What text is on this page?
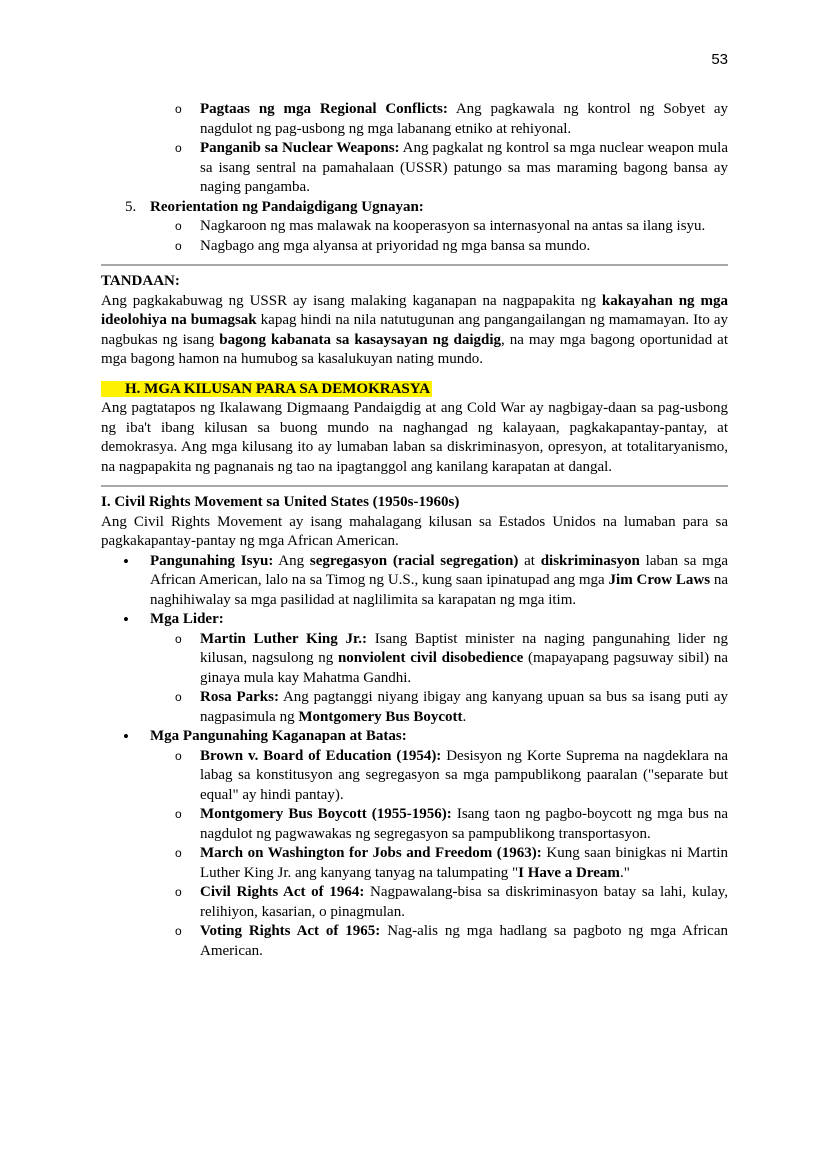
53
o Pagtaas ng mga Regional Conflicts: Ang pagkawala ng kontrol ng Sobyet ay nagdulot ng pag-usbong ng mga labanang etniko at rehiyonal.
o Panganib sa Nuclear Weapons: Ang pagkalat ng kontrol sa mga nuclear weapon mula sa isang sentral na pamahalaan (USSR) patungo sa mas maraming bagong bansa ay naging pangamba.
5. Reorientation ng Pandaigdigang Ugnayan:
o Nagkaroon ng mas malawak na kooperasyon sa internasyonal na antas sa ilang isyu.
o Nagbago ang mga alyansa at priyoridad ng mga bansa sa mundo.
TANDAAN:

Ang pagkakabuwag ng USSR ay isang malaking kaganapan na nagpapakita ng kakayahan ng mga ideolohiya na bumagsak kapag hindi na nila natutugunan ang pangangailangan ng mamamayan. Ito ay nagbukas ng isang bagong kabanata sa kasaysayan ng daigdig, na may mga bagong oportunidad at mga bagong hamon na humubog sa kasalukuyan nating mundo.

H. MGA KILUSAN PARA SA DEMOKRASYA

Ang pagtatapos ng Ikalawang Digmaang Pandaigdig at ang Cold War ay nagbigay-daan sa pag-usbong ng iba't ibang kilusan sa buong mundo na naghangad ng kalayaan, pagkakapantay-pantay, at demokrasya. Ang mga kilusang ito ay lumaban laban sa diskriminasyon, opresyon, at totalitaryanismo, na nagpapakita ng pagnanais ng tao na ipagtanggol ang kanilang karapatan at dangal.

I. Civil Rights Movement sa United States (1950s-1960s)

Ang Civil Rights Movement ay isang mahalagang kilusan sa Estados Unidos na lumaban para sa pagkakapantay-pantay ng mga African American.

• Pangunahing Isyu: Ang segregasyon (racial segregation) at diskriminasyon laban sa mga African American, lalo na sa Timog ng U.S., kung saan ipinatupad ang mga Jim Crow Laws na naghihiwalay sa mga pasilidad at naglilimita sa karapatan ng mga itim.
• Mga Lider:
o Martin Luther King Jr.: Isang Baptist minister na naging pangunahing lider ng kilusan, nagsulong ng nonviolent civil disobedience (mapayapang pagsuway sibil) na ginaya mula kay Mahatma Gandhi.
o Rosa Parks: Ang pagtanggi niyang ibigay ang kanyang upuan sa bus sa isang puti ay nagpasimula ng Montgomery Bus Boycott.
• Mga Pangunahing Kaganapan at Batas:
o Brown v. Board of Education (1954): Desisyon ng Korte Suprema na nagdeklara na labag sa konstitusyon ang segregasyon sa mga pampublikong paaralan ("separate but equal" ay hindi pantay).
o Montgomery Bus Boycott (1955-1956): Isang taon ng pagbo-boycott ng mga bus na nagdulot ng pagwawakas ng segregasyon sa pampublikong transportasyon.
o March on Washington for Jobs and Freedom (1963): Kung saan binigkas ni Martin Luther King Jr. ang kanyang tanyag na talumpating "I Have a Dream."
o Civil Rights Act of 1964: Nagpawalang-bisa sa diskriminasyon batay sa lahi, kulay, relihiyon, kasarian, o pinagmulan.
o Voting Rights Act of 1965: Nag-alis ng mga hadlang sa pagboto ng mga African American.
